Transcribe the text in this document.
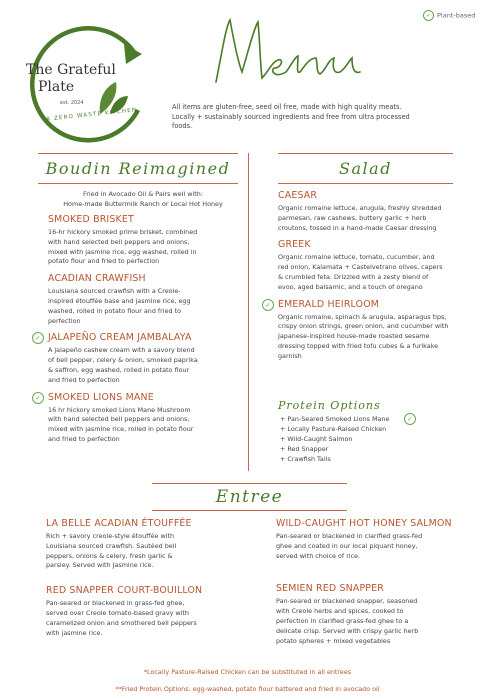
The Grateful
Plate
est. 2024
A ZERO WASTE KITCHEN
✓ Plant-based
All items are gluten-free, seed oil free, made with high quality meats.
Locally + sustainably sourced ingredients and free from ultra processed
foods.
Boudin Reimagined
Fried in Avocado Oil & Pairs well with:
Home-made Buttermilk Ranch or Local Hot Honey
SMOKED BRISKET
16-hr hickory smoked prime brisket, combined
with hand selected bell peppers and onions,
mixed with jasmine rice, egg washed, rolled in
potato flour and fried to perfection
ACADIAN CRAWFISH
Louisiana sourced crawfish with a Creole-
inspired étouffée base and jasmine rice, egg
washed, rolled in potato flour and fried to
perfection
✓ JALAPEÑO CREAM JAMBALAYA
A jalapeño cashew cream with a savory blend
of bell pepper, celery & onion, smoked paprika
& saffron, egg washed, rolled in potato flour
and fried to perfection
✓ SMOKED LIONS MANE
16 hr hickory smoked Lions Mane Mushroom
with hand selected bell peppers and onions,
mixed with jasmine rice, rolled in potato flour
and fried to perfection
Salad
CAESAR
Organic romaine lettuce, arugula, freshly shredded
parmesan, raw cashews, buttery garlic + herb
croutons, tossed in a hand-made Caesar dressing
GREEK
Organic romaine lettuce, tomato, cucumber, and
red onion, Kalamata + Castelvetrano olives, capers
& crumbled feta. Drizzled with a zesty blend of
evoo, aged balsamic, and a touch of oregano
✓ EMERALD HEIRLOOM
Organic romaine, spinach & arugula, asparagus tips,
crispy onion strings, green onion, and cucumber with
Japanese-inspired house-made roasted sesame
dressing topped with fried tofu cubes & a furikake
garnish
Protein Options
✓
+ Pan-Seared Smoked Lions Mane
+ Locally Pasture-Raised Chicken
+ Wild-Caught Salmon
+ Red Snapper
+ Crawfish Tails
Entree
LA BELLE ACADIAN ÉTOUFFÉE
Rich + savory creole-style étouffée with
Louisiana sourced crawfish. Sautéed bell
peppers, onions & celery, fresh garlic &
parsley. Served with Jasmine rice.
RED SNAPPER COURT-BOUILLON
Pan-seared or blackened in grass-fed ghee,
served over Creole tomato-based gravy with
caramelized onion and smothered bell peppers
with jasmine rice.
WILD-CAUGHT HOT HONEY SALMON
Pan-seared or blackened in clarified grass-fed
ghee and coated in our local piquant honey,
served with choice of rice.
SEMIEN RED SNAPPER
Pan-seared or blackened snapper, seasoned
with Creole herbs and spices, cooked to
perfection in clarified grass-fed ghee to a
delicate crisp. Served with crispy garlic herb
potato spheres + mixed vegetables
*Locally Pasture-Raised Chicken can be substituted in all entrees
**Fried Protein Options: egg-washed, potato flour battered and fried in avocado oil
